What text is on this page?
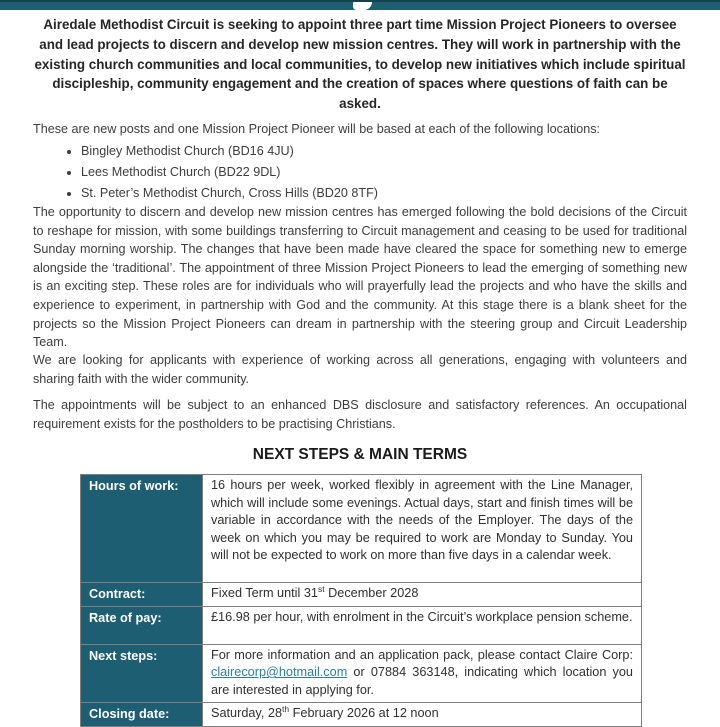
Airedale Methodist Circuit is seeking to appoint three part time Mission Project Pioneers to oversee and lead projects to discern and develop new mission centres. They will work in partnership with the existing church communities and local communities, to develop new initiatives which include spiritual discipleship, community engagement and the creation of spaces where questions of faith can be asked.

These are new posts and one Mission Project Pioneer will be based at each of the following locations:

• Bingley Methodist Church (BD16 4JU)
• Lees Methodist Church (BD22 9DL)
• St. Peter’s Methodist Church, Cross Hills (BD20 8TF)

The opportunity to discern and develop new mission centres has emerged following the bold decisions of the Circuit to reshape for mission, with some buildings transferring to Circuit management and ceasing to be used for traditional Sunday morning worship. The changes that have been made have cleared the space for something new to emerge alongside the ‘traditional’. The appointment of three Mission Project Pioneers to lead the emerging of something new is an exciting step. These roles are for individuals who will prayerfully lead the projects and who have the skills and experience to experiment, in partnership with God and the community. At this stage there is a blank sheet for the projects so the Mission Project Pioneers can dream in partnership with the steering group and Circuit Leadership Team.

We are looking for applicants with experience of working across all generations, engaging with volunteers and sharing faith with the wider community.

The appointments will be subject to an enhanced DBS disclosure and satisfactory references. An occupational requirement exists for the postholders to be practising Christians.

NEXT STEPS & MAIN TERMS
Hours of work:	16 hours per week, worked flexibly in agreement with the Line Manager, which will include some evenings. Actual days, start and finish times will be variable in accordance with the needs of the Employer. The days of the week on which you may be required to work are Monday to Sunday. You will not be expected to work on more than five days in a calendar week.
Contract:	Fixed Term until 31st December 2028
Rate of pay:	£16.98 per hour, with enrolment in the Circuit’s workplace pension scheme.
Next steps:	For more information and an application pack, please contact Claire Corp: clairecorp@hotmail.com or 07884 363148, indicating which location you are interested in applying for.
Closing date:	Saturday, 28th February 2026 at 12 noon
